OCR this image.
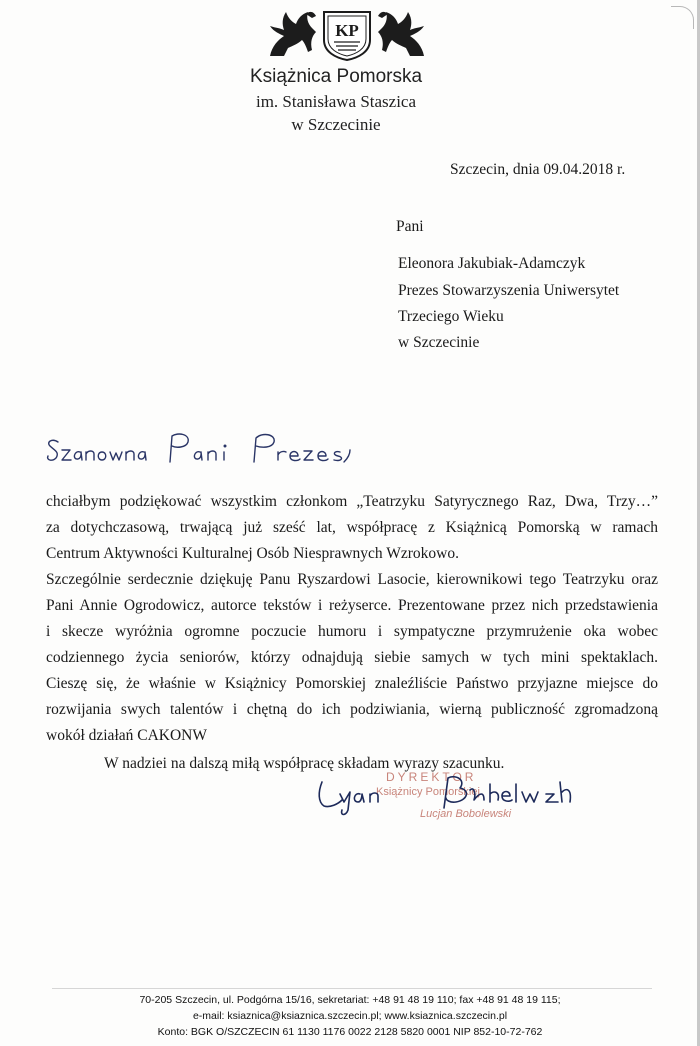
KP
Książnica Pomorska
im. Stanisława Staszica
w Szczecinie
Szczecin, dnia 09.04.2018 r.
Pani
Eleonora Jakubiak-Adamczyk
Prezes Stowarzyszenia Uniwersytet
Trzeciego Wieku
w Szczecinie
chciałbym podziękować wszystkim członkom „Teatrzyku Satyrycznego Raz, Dwa, Trzy…”
za dotychczasową, trwającą już sześć lat, współpracę z Książnicą Pomorską w ramach
Centrum Aktywności Kulturalnej Osób Niesprawnych Wzrokowo.
Szczególnie serdecznie dziękuję Panu Ryszardowi Lasocie, kierownikowi tego Teatrzyku oraz
Pani Annie Ogrodowicz, autorce tekstów i reżyserce. Prezentowane przez nich przedstawienia
i skecze wyróżnia ogromne poczucie humoru i sympatyczne przymrużenie oka wobec
codziennego życia seniorów, którzy odnajdują siebie samych w tych mini spektaklach.
Cieszę się, że właśnie w Książnicy Pomorskiej znaleźliście Państwo przyjazne miejsce do
rozwijania swych talentów i chętną do ich podziwiania, wierną publiczność zgromadzoną
wokół działań CAKONW
W nadziei na dalszą miłą współpracę składam wyrazy szacunku.
DYREKTOR
Książnicy Pomorskiej
Lucjan Bobolewski
70-205 Szczecin, ul. Podgórna 15/16, sekretariat: +48 91 48 19 110; fax +48 91 48 19 115;
e-mail: ksiaznica@ksiaznica.szczecin.pl; www.ksiaznica.szczecin.pl
Konto: BGK O/SZCZECIN 61 1130 1176 0022 2128 5820 0001 NIP 852-10-72-762
